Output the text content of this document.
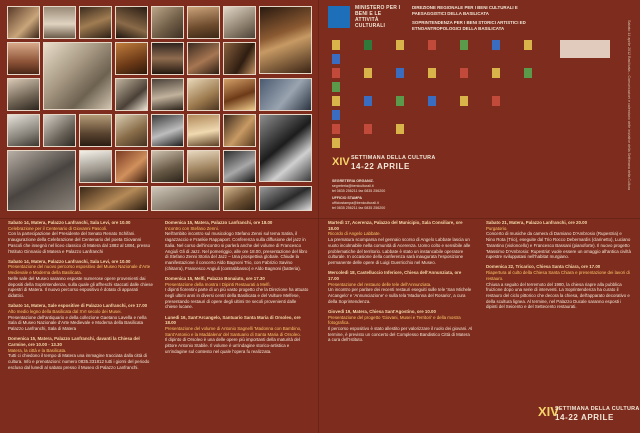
MINISTERO PER I BENI E LE ATTIVITÀ CULTURALI
DIREZIONE REGIONALE PER I BENI CULTURALI E PAESAGGISTICI DELLA BASILICATA
SOPRINTENDENZA PER I BENI STORICI ARTISTICI ED ETNOANTROPOLOGICI DELLA BASILICATA
XIV SETTIMANA DELLA CULTURA
14-22 APRILE
SEGRETERIA ORGANIZ.
segreteria@beniculturali.it
tel 0835 256211 fax 0835 256200
UFFICIO STAMPA
ufficiostampa@beniculturali.it
tel 0835 256211 fax 0835 256200
Sabato 14 aprile 2012 Basilicata – Comunicazioni e calendario delle iniziative della Settimana della Cultura

Sabato 14, Matera, Palazzo Lanfranchi, Sala Levi, ore 10.00
Celebrazione per il Centenario di Giovanni Pascoli.
Con la partecipazione del Presidente del Senato Renato Schifani. Inaugurazione della Celebrazione del Centenario del poeta Giovanni Pascoli che insegnò nel liceo classico di Matera dal 1882 al 1884, presso l'Istituto Ginnasio di Matera e Palazzo Lanfranchi

Sabato 14, Matera, Palazzo Lanfranchi, Sala Levi, ore 10.00
Presentazione del nuovo percorso espositivo del Museo Nazionale d'Arte Medievale e Moderna della Basilicata.
Nelle sale del Museo saranno esposte numerose opere provenienti dai depositi della Soprintendenza, sulla quale gli affreschi staccati dalle chiese rupestri di Matera. Il nuovo percorso espositivo è dotato di apparati didattici.

Sabato 14, Matera, Sale espositive di Palazzo Lanfranchi, ore 17.00
Alto medio legno della Basilicata dal XVI secolo dei Musei.
Presentazione dell'antiquario e della collezione Gaetano Lavella e nella Sala di Museo Nazionale d'Arte Medievale e Moderna della Basilicata Palazzo Lanfranchi, Sala di Matera

Domenica 15, Matera, Palazzo Lanfranchi, davanti la Chiesa del Carmine, ore 10.00 - 13.30
Matera, la città e la Basilicata.
Tutti ci chiedono il tempo di Matera una immagine tracciata dalla città di cultura. Info e prenotazioni: numero 0835.331812 tutti i giorni del periodo escluso dal lunedì al sabato presso il Museo di Palazzo Lanfranchi.

Domenica 15, Matera, Palazzo Lanfranchi, ore 18.00
Incontro con Stefano Zenni.
Nell'ambito incontro sul musicologo Stefano Zenni sul tema Satira, il ragazzaccio e Frankie Rappaport. Conferenza sulla diffusione del jazz in Italia. Nel corso dell'incontro si parlerà anche del volume di Francesco Angiuli Gli di Jazz. Nel pomeriggio, alle ore 18.00, presentazione del libro di Stefano Zenni Storia del Jazz – Una prospettiva globale. Chiude la manifestazione il concerto Aldo Bagnoni Trio, con Fabrizio Savino (chitarra), Francesco Angiuli (contrabbasso) e Aldo Bagnoni (batteria).

Domenica 15, Melfi, Palazzo Bonaiuto, ore 17.30
Presentazione della mostra I Dipinti Restaurati a Melfi.
I dipinti fiorentini parte di un più vasto progetto che la Direzione ha attuato negli ultimi anni in diversi centri della Basilicata e del Vulture Melfese, presentando restauri di opere degli ultimi tre secoli provenienti dalle chiese lucane.

Lunedì 16, Sant'Arcangelo, Santuario Santa Maria di Orsoleo, ore 18.00
Presentazione del volume di Antonio Sagnelli 'Madonna con Bambino, Sant'Antonio e la Maddalena' del Santuario di Santa Maria di Orsoleo.
Il dipinto di Orsoleo è una delle opere più importanti della maturità del pittore Antonio Stabile. Il volume è un'indagine storico-artistica e un'indagine sul contesto nel quale l'opera fu realizzata.

Martedì 17, Acerenza, Palazzo del Municipio, Sala Consiliare, ore 18.00
Ricordo di Angelo Labbate.
La prematura scomparsa nel gennaio scorso di Angelo Labbate lascia un vuoto incolmabile nella comunità di Acerenza. Uomo colto e sensibile alle problematiche del territorio. Labbate è stato un instancabile operatore culturale. In occasione della conferenza sarà inaugurata l'esposizione permanente delle opere di Luigi Guerricchio nel Museo.

Mercoledì 18, Castelluccio Inferiore, Chiesa dell'Annunziata, ore 17.00
Presentazione del restauro delle tele dell'Annunziata.
Un incontro per parlare dei recenti restauri eseguiti sulle tele 'San Michele Arcangelo' e 'Annunciazione' e sulla tela 'Madonna del Rosario', a cura della Soprintendenza.

Giovedì 19, Matera, Chiesa Sant'Agostino, ore 10.00
Presentazione del progetto 'Giovani, Musei e Territori' e della mostra fotografica.
Il percorso espositivo è stato allestito per valorizzare il ruolo dei giovani. Al termine, è previsto un concerto del Complesso Bandistico Città di Matera a cura dell'Istituto.

Sabato 21, Matera, Palazzo Lanfranchi, ore 20.00
Purgatorio.
Concerto di musiche da camera di Damiano D'Ambrosio (Rupestria) e Nino Rota (Trio), eseguite dal Trio Rocco Debernardis (clarinetto), Luciano Tarantino (violoncello) e Francesco Bassani (pianoforte). Il nuovo progetto 'Massimo D'Ambrosio: Rupestria' vuole essere un omaggio all'antica civiltà rupestre sviluppatasi nell'habitat murgiano.

Domenica 22, Tricarico, Chiesa Santa Chiara, ore 17.00
Riapertura al culto della Chiesa Santa Chiara e presentazione dei lavori di restauro.
Chiusa a seguito del terremoto del 1980, la chiesa riapre alla pubblica fruizione dopo una serie di interventi. La Soprintendenza ha curato il restauro del ciclo pittorico che decora la chiesa, dell'apparato decorativo e della scultura lignea. Al termine, nel Palazzo Ducale saranno esposti i dipinti del Seicento e del Settecento restaurati.

XIV
SETTIMANA DELLA CULTURA
14-22 APRILE
